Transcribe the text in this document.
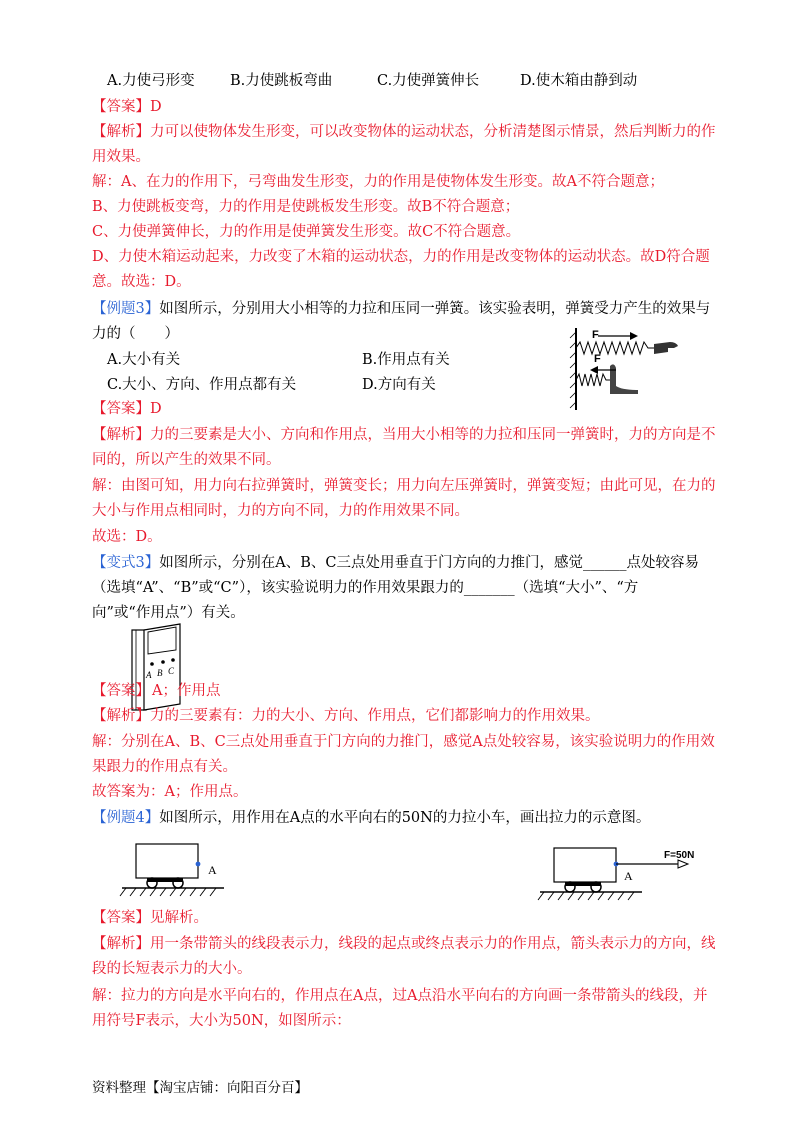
A.力使弓形变 B.力使跳板弯曲	C.力使弹簧伸长	D.使木箱由静到动
【答案】D
【解析】力可以使物体发生形变，可以改变物体的运动状态，分析清楚图示情景，然后判断力的作
用效果。
解：A、在力的作用下，弓弯曲发生形变，力的作用是使物体发生形变。故A不符合题意；
B、力使跳板变弯，力的作用是使跳板发生形变。故B不符合题意；
C、力使弹簧伸长，力的作用是使弹簧发生形变。故C不符合题意。
D、力使木箱运动起来，力改变了木箱的运动状态，力的作用是改变物体的运动状态。故D符合题
意。故选：D。
【例题3】如图所示，分别用大小相等的力拉和压同一弹簧。该实验表明，弹簧受力产生的效果与
力的（　　）
A.大小有关	B.作用点有关
C.大小、方向、作用点都有关	D.方向有关
F
F
【答案】D
【解析】力的三要素是大小、方向和作用点，当用大小相等的力拉和压同一弹簧时，力的方向是不
同的，所以产生的效果不同。
解：由图可知，用力向右拉弹簧时，弹簧变长；用力向左压弹簧时，弹簧变短；由此可见，在力的
大小与作用点相同时，力的方向不同，力的作用效果不同。
故选：D。
【变式3】如图所示，分别在A、B、C三点处用垂直于门方向的力推门，感觉______点处较容易
（选填“A”、“B”或“C”），该实验说明力的作用效果跟力的_______（选填“大小”、“方
向”或“作用点”）有关。
A B C
【答案】 A；作用点
【解析】力的三要素有：力的大小、方向、作用点，它们都影响力的作用效果。
解：分别在A、B、C三点处用垂直于门方向的力推门，感觉A点处较容易，该实验说明力的作用效
果跟力的作用点有关。
故答案为：A；作用点。
【例题4】如图所示，用作用在A点的水平向右的50N的力拉小车，画出拉力的示意图。
A
F=50N
A
【答案】见解析。
【解析】用一条带箭头的线段表示力，线段的起点或终点表示力的作用点，箭头表示力的方向，线
段的长短表示力的大小。
解：拉力的方向是水平向右的，作用点在A点，过A点沿水平向右的方向画一条带箭头的线段，并
用符号F表示，大小为50N，如图所示：
资料整理【淘宝店铺：向阳百分百】
